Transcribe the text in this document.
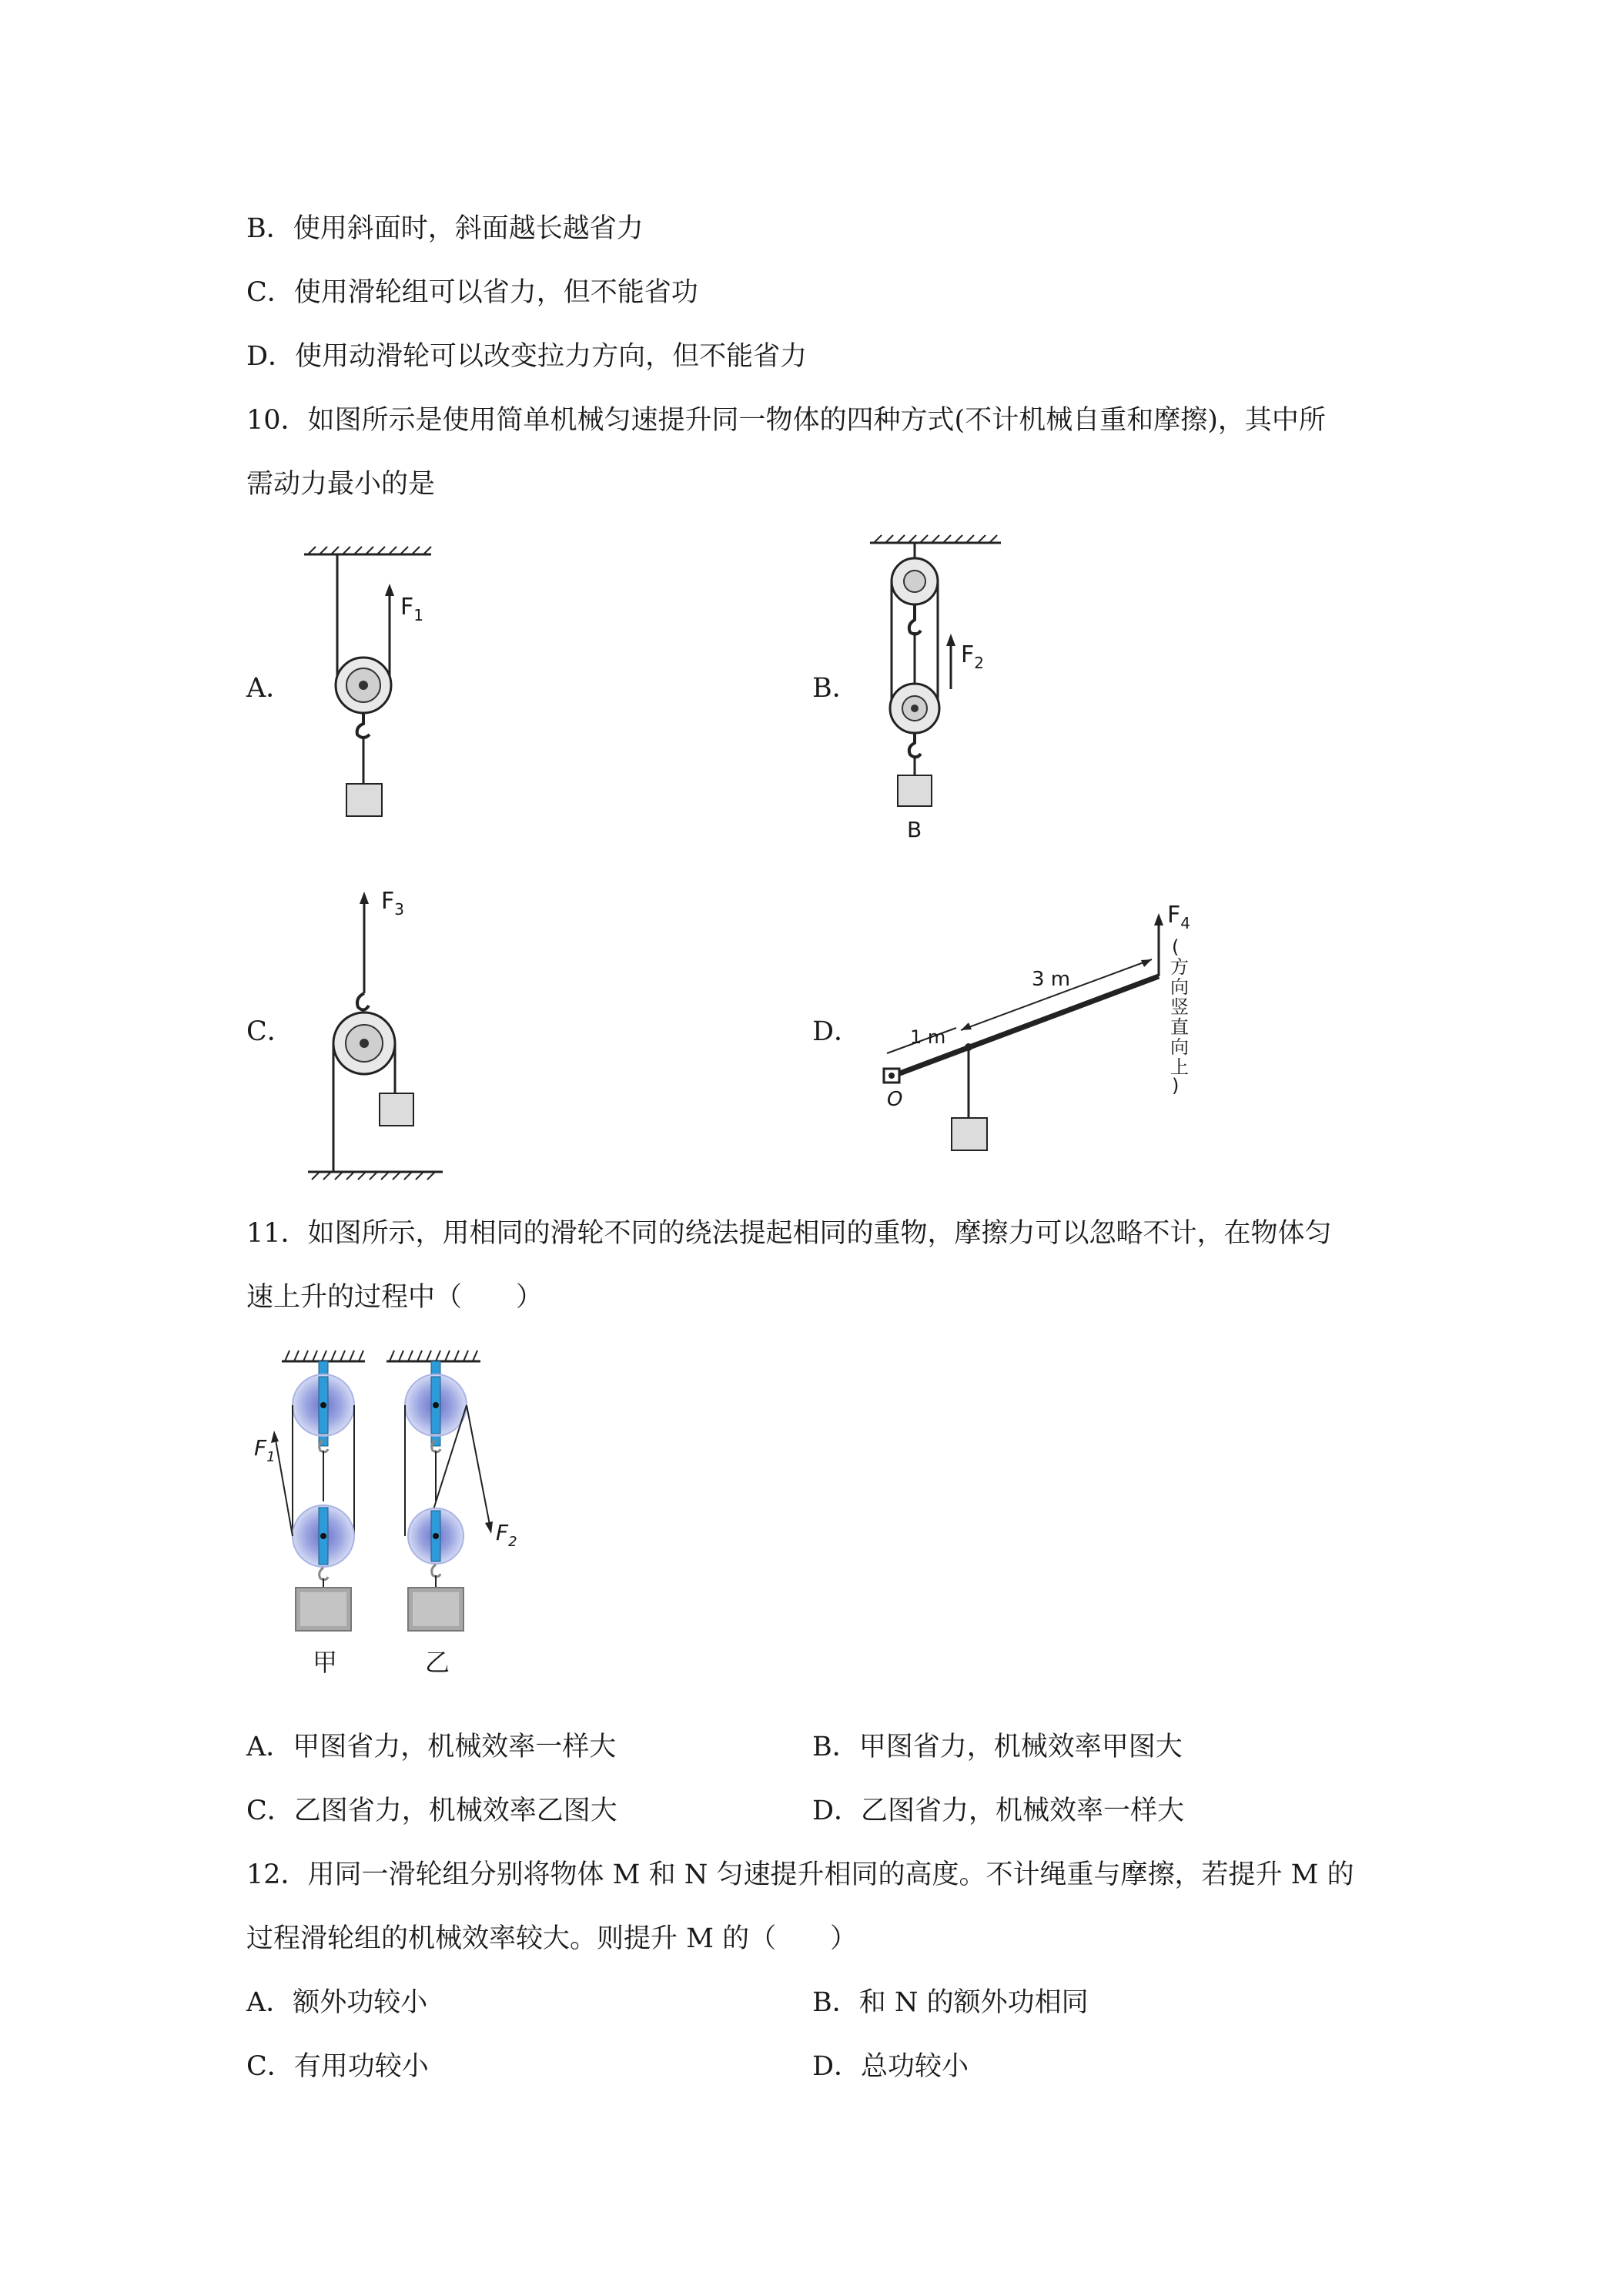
B．使用斜面时，斜面越长越省力
C．使用滑轮组可以省力，但不能省功
D．使用动滑轮可以改变拉力方向，但不能省力
10．如图所示是使用简单机械匀速提升同一物体的四种方式(不计机械自重和摩擦)，其中所
需动力最小的是
A．	B．
C．	D．
$F_1$
$F_2$
B
$F_3$
3 m
1 m
O
$F_4$
(
方
向
竖
直
向
上
)
11．如图所示，用相同的滑轮不同的绕法提起相同的重物，摩擦力可以忽略不计，在物体匀
速上升的过程中（　　）
$F_1$
甲
$F_2$
乙
A．甲图省力，机械效率一样大	B．甲图省力，机械效率甲图大
C．乙图省力，机械效率乙图大	D．乙图省力，机械效率一样大
12．用同一滑轮组分别将物体 M 和 N 匀速提升相同的高度。不计绳重与摩擦，若提升 M 的
过程滑轮组的机械效率较大。则提升 M 的（　　）
A．额外功较小	B．和 N 的额外功相同
C．有用功较小	D．总功较小
